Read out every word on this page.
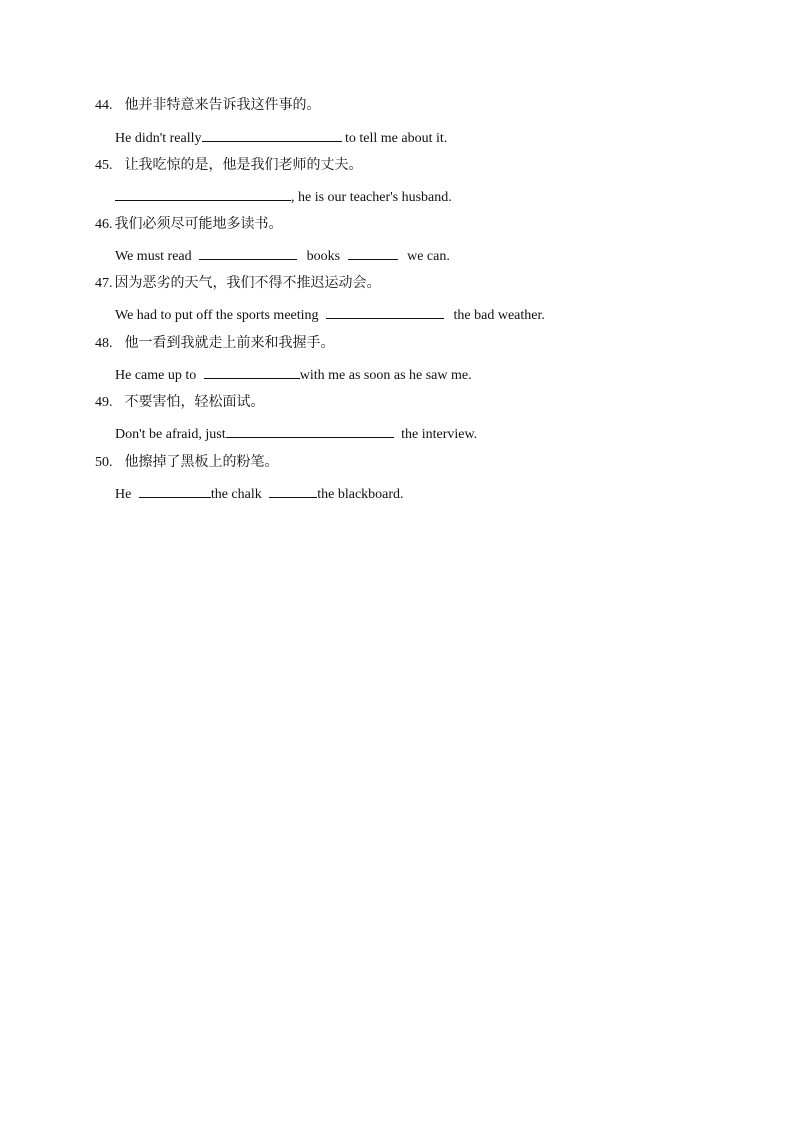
44. 他并非特意来告诉我这件事的。
He didn't really	to tell me about it.
45. 让我吃惊的是，他是我们老师的丈夫。
, he is our teacher's husband.
46. 我们必须尽可能地多读书。
We must read	books	we can.
47. 因为恶劣的天气，我们不得不推迟运动会。
We had to put off the sports meeting	the bad weather.
48. 他一看到我就走上前来和我握手。
He came up to	with me as soon as he saw me.
49. 不要害怕，轻松面试。
Don't be afraid, just	the interview.
50. 他擦掉了黑板上的粉笔。
He	the chalk	the blackboard.
